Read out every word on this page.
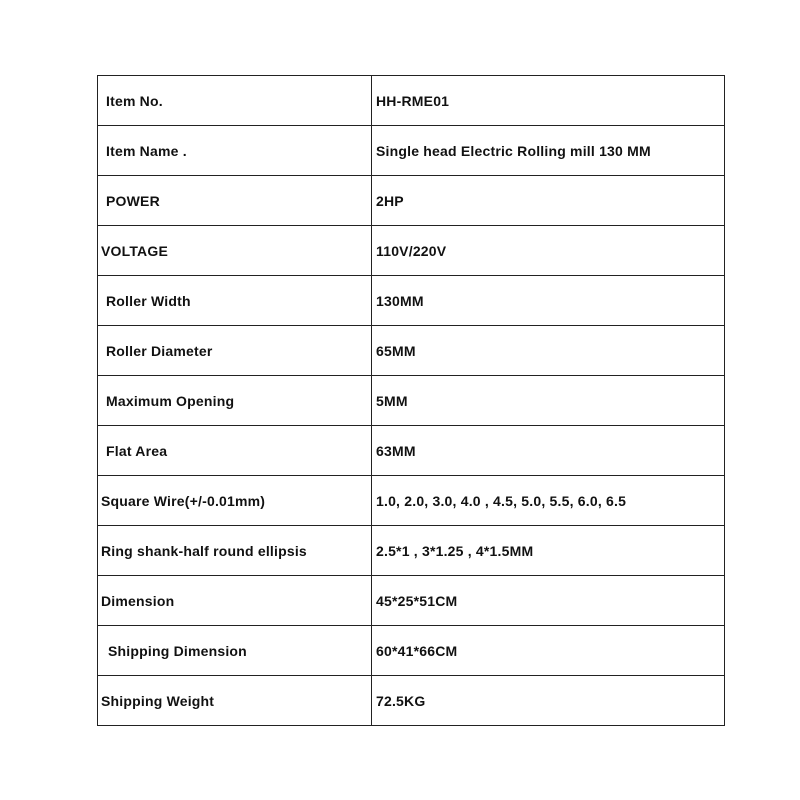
Item No.	HH-RME01
Item Name .	Single head Electric Rolling mill 130 MM
POWER	2HP
VOLTAGE	110V/220V
Roller Width	130MM
Roller Diameter	65MM
Maximum Opening	5MM
Flat Area	63MM
Square Wire(+/-0.01mm)	1.0, 2.0, 3.0, 4.0 , 4.5, 5.0, 5.5, 6.0, 6.5
Ring shank-half round ellipsis	2.5*1 , 3*1.25 , 4*1.5MM
Dimension	45*25*51CM
Shipping Dimension	60*41*66CM
Shipping Weight	72.5KG
